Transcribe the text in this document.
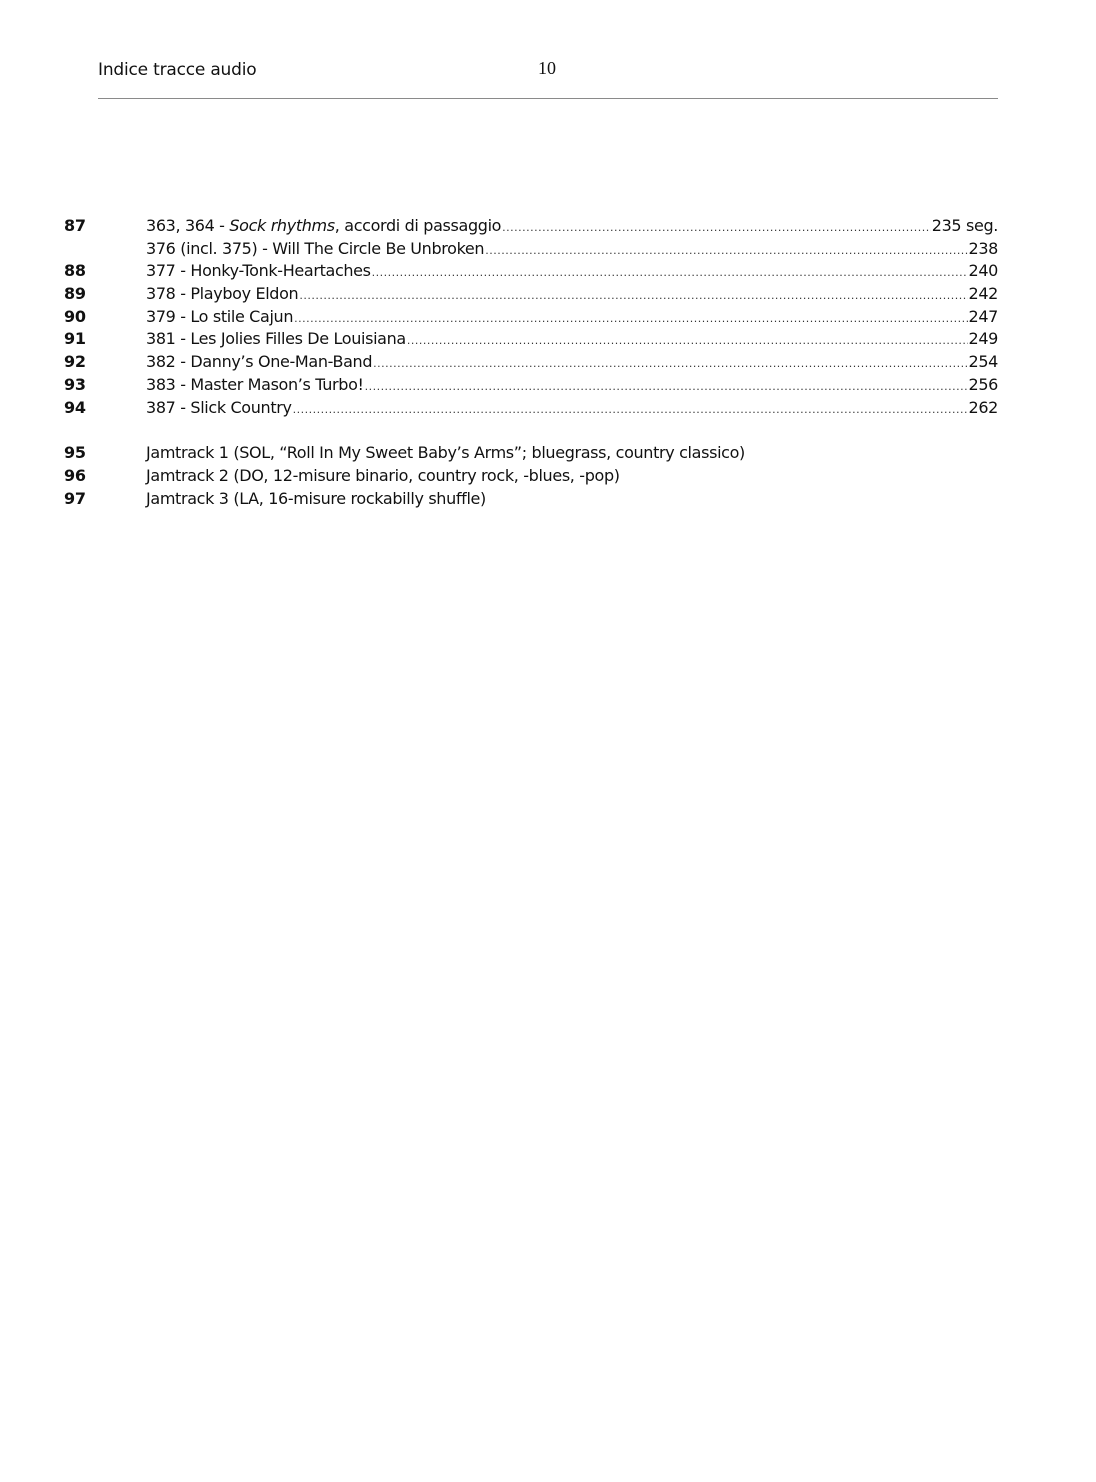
Indice tracce audio	10
87	363, 364 - Sock rhythms, accordi di passaggio .....	235 seg.
376 (incl. 375) - Will The Circle Be Unbroken .....	238
88	377 - Honky-Tonk-Heartaches .....	240
89	378 - Playboy Eldon .....	242
90	379 - Lo stile Cajun .....	247
91	381 - Les Jolies Filles De Louisiana .....	249
92	382 - Danny’s One-Man-Band .....	254
93	383 - Master Mason’s Turbo! .....	256
94	387 - Slick Country .....	262
95	Jamtrack 1 (SOL, “Roll In My Sweet Baby’s Arms”; bluegrass, country classico)
96	Jamtrack 2 (DO, 12-misure binario, country rock, -blues, -pop)
97	Jamtrack 3 (LA, 16-misure rockabilly shuffle)
